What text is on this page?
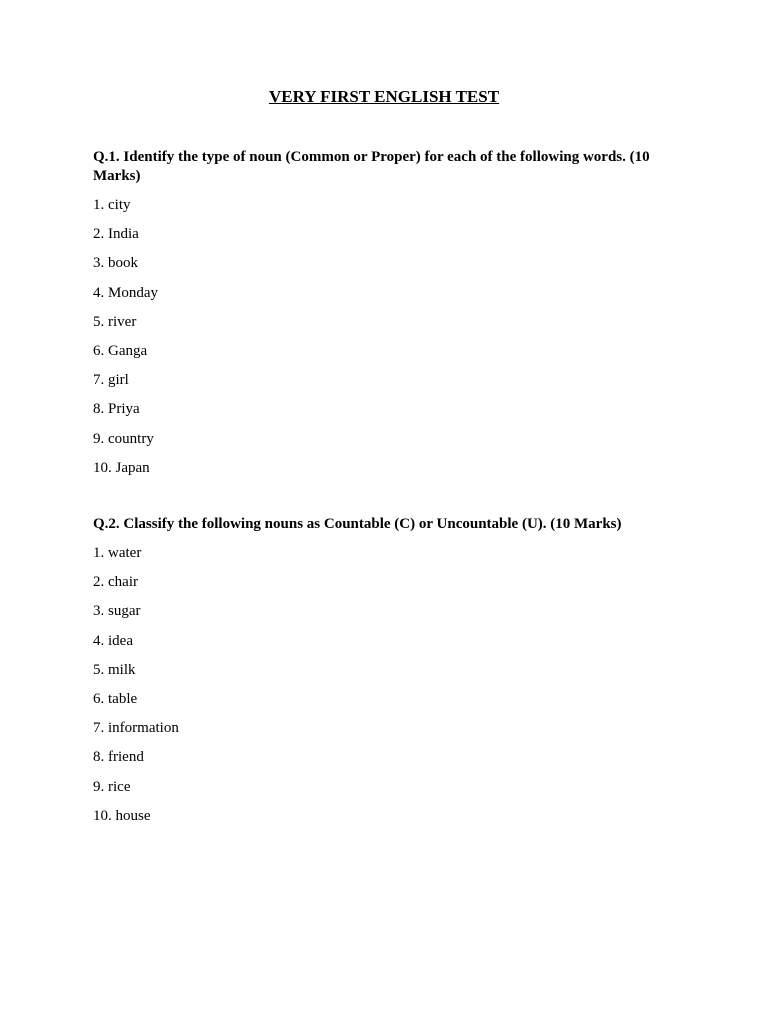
VERY FIRST ENGLISH TEST

Q.1. Identify the type of noun (Common or Proper) for each of the following words. (10 Marks)

1. city
2. India
3. book
4. Monday
5. river
6. Ganga
7. girl
8. Priya
9. country
10. Japan

Q.2. Classify the following nouns as Countable (C) or Uncountable (U). (10 Marks)

1. water
2. chair
3. sugar
4. idea
5. milk
6. table
7. information
8. friend
9. rice
10. house
